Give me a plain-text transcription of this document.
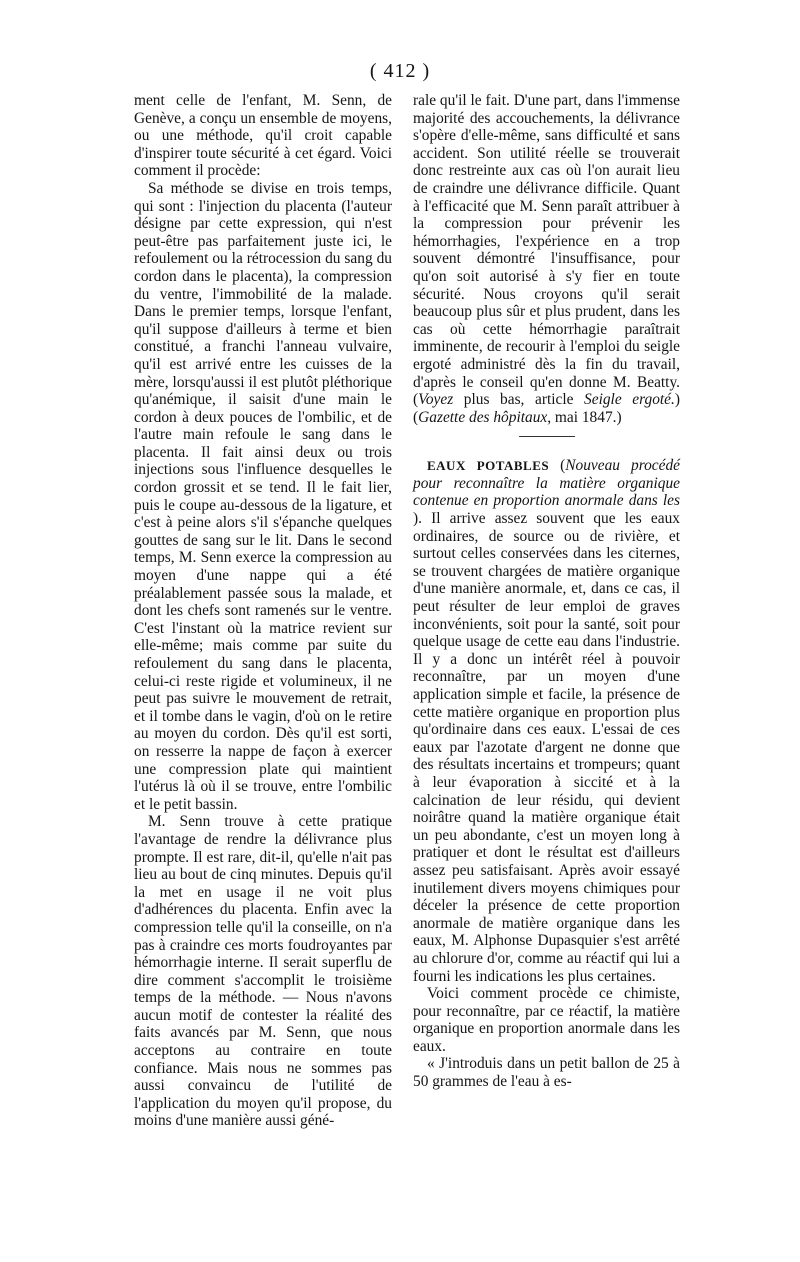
( 412 )

ment celle de l'enfant, M. Senn, de Genève, a conçu un ensemble de moyens, ou une méthode, qu'il croit capable d'inspirer toute sécurité à cet égard. Voici comment il procède:

Sa méthode se divise en trois temps, qui sont : l'injection du placenta (l'auteur désigne par cette expression, qui n'est peut-être pas parfaitement juste ici, le refoulement ou la rétrocession du sang du cordon dans le placenta), la compression du ventre, l'immobilité de la malade. Dans le premier temps, lorsque l'enfant, qu'il suppose d'ailleurs à terme et bien constitué, a franchi l'anneau vulvaire, qu'il est arrivé entre les cuisses de la mère, lorsqu'aussi il est plutôt pléthorique qu'anémique, il saisit d'une main le cordon à deux pouces de l'ombilic, et de l'autre main refoule le sang dans le placenta. Il fait ainsi deux ou trois injections sous l'influence desquelles le cordon grossit et se tend. Il le fait lier, puis le coupe au-dessous de la ligature, et c'est à peine alors s'il s'épanche quelques gouttes de sang sur le lit. Dans le second temps, M. Senn exerce la compression au moyen d'une nappe qui a été préalablement passée sous la malade, et dont les chefs sont ramenés sur le ventre. C'est l'instant où la matrice revient sur elle-même; mais comme par suite du refoulement du sang dans le placenta, celui-ci reste rigide et volumineux, il ne peut pas suivre le mouvement de retrait, et il tombe dans le vagin, d'où on le retire au moyen du cordon. Dès qu'il est sorti, on resserre la nappe de façon à exercer une compression plate qui maintient l'utérus là où il se trouve, entre l'ombilic et le petit bassin.

M. Senn trouve à cette pratique l'avantage de rendre la délivrance plus prompte. Il est rare, dit-il, qu'elle n'ait pas lieu au bout de cinq minutes. Depuis qu'il la met en usage il ne voit plus d'adhérences du placenta. Enfin avec la compression telle qu'il la conseille, on n'a pas à craindre ces morts foudroyantes par hémorrhagie interne. Il serait superflu de dire comment s'accomplit le troisième temps de la méthode. — Nous n'avons aucun motif de contester la réalité des faits avancés par M. Senn, que nous acceptons au contraire en toute confiance. Mais nous ne sommes pas aussi convaincu de l'utilité de l'application du moyen qu'il propose, du moins d'une manière aussi géné-

rale qu'il le fait. D'une part, dans l'immense majorité des accouchements, la délivrance s'opère d'elle-même, sans difficulté et sans accident. Son utilité réelle se trouverait donc restreinte aux cas où l'on aurait lieu de craindre une délivrance difficile. Quant à l'efficacité que M. Senn paraît attribuer à la compression pour prévenir les hémorrhagies, l'expérience en a trop souvent démontré l'insuffisance, pour qu'on soit autorisé à s'y fier en toute sécurité. Nous croyons qu'il serait beaucoup plus sûr et plus prudent, dans les cas où cette hémorrhagie paraîtrait imminente, de recourir à l'emploi du seigle ergoté administré dès la fin du travail, d'après le conseil qu'en donne M. Beatty. (Voyez plus bas, article Seigle ergoté.) (Gazette des hôpitaux, mai 1847.)

EAUX POTABLES (Nouveau procédé pour reconnaître la matière organique contenue en proportion anormale dans les ). Il arrive assez souvent que les eaux ordinaires, de source ou de rivière, et surtout celles conservées dans les citernes, se trouvent chargées de matière organique d'une manière anormale, et, dans ce cas, il peut résulter de leur emploi de graves inconvénients, soit pour la santé, soit pour quelque usage de cette eau dans l'industrie. Il y a donc un intérêt réel à pouvoir reconnaître, par un moyen d'une application simple et facile, la présence de cette matière organique en proportion plus qu'ordinaire dans ces eaux. L'essai de ces eaux par l'azotate d'argent ne donne que des résultats incertains et trompeurs; quant à leur évaporation à siccité et à la calcination de leur résidu, qui devient noirâtre quand la matière organique était un peu abondante, c'est un moyen long à pratiquer et dont le résultat est d'ailleurs assez peu satisfaisant. Après avoir essayé inutilement divers moyens chimiques pour déceler la présence de cette proportion anormale de matière organique dans les eaux, M. Alphonse Dupasquier s'est arrêté au chlorure d'or, comme au réactif qui lui a fourni les indications les plus certaines.

Voici comment procède ce chimiste, pour reconnaître, par ce réactif, la matière organique en proportion anormale dans les eaux.

« J'introduis dans un petit ballon de 25 à 50 grammes de l'eau à es-
